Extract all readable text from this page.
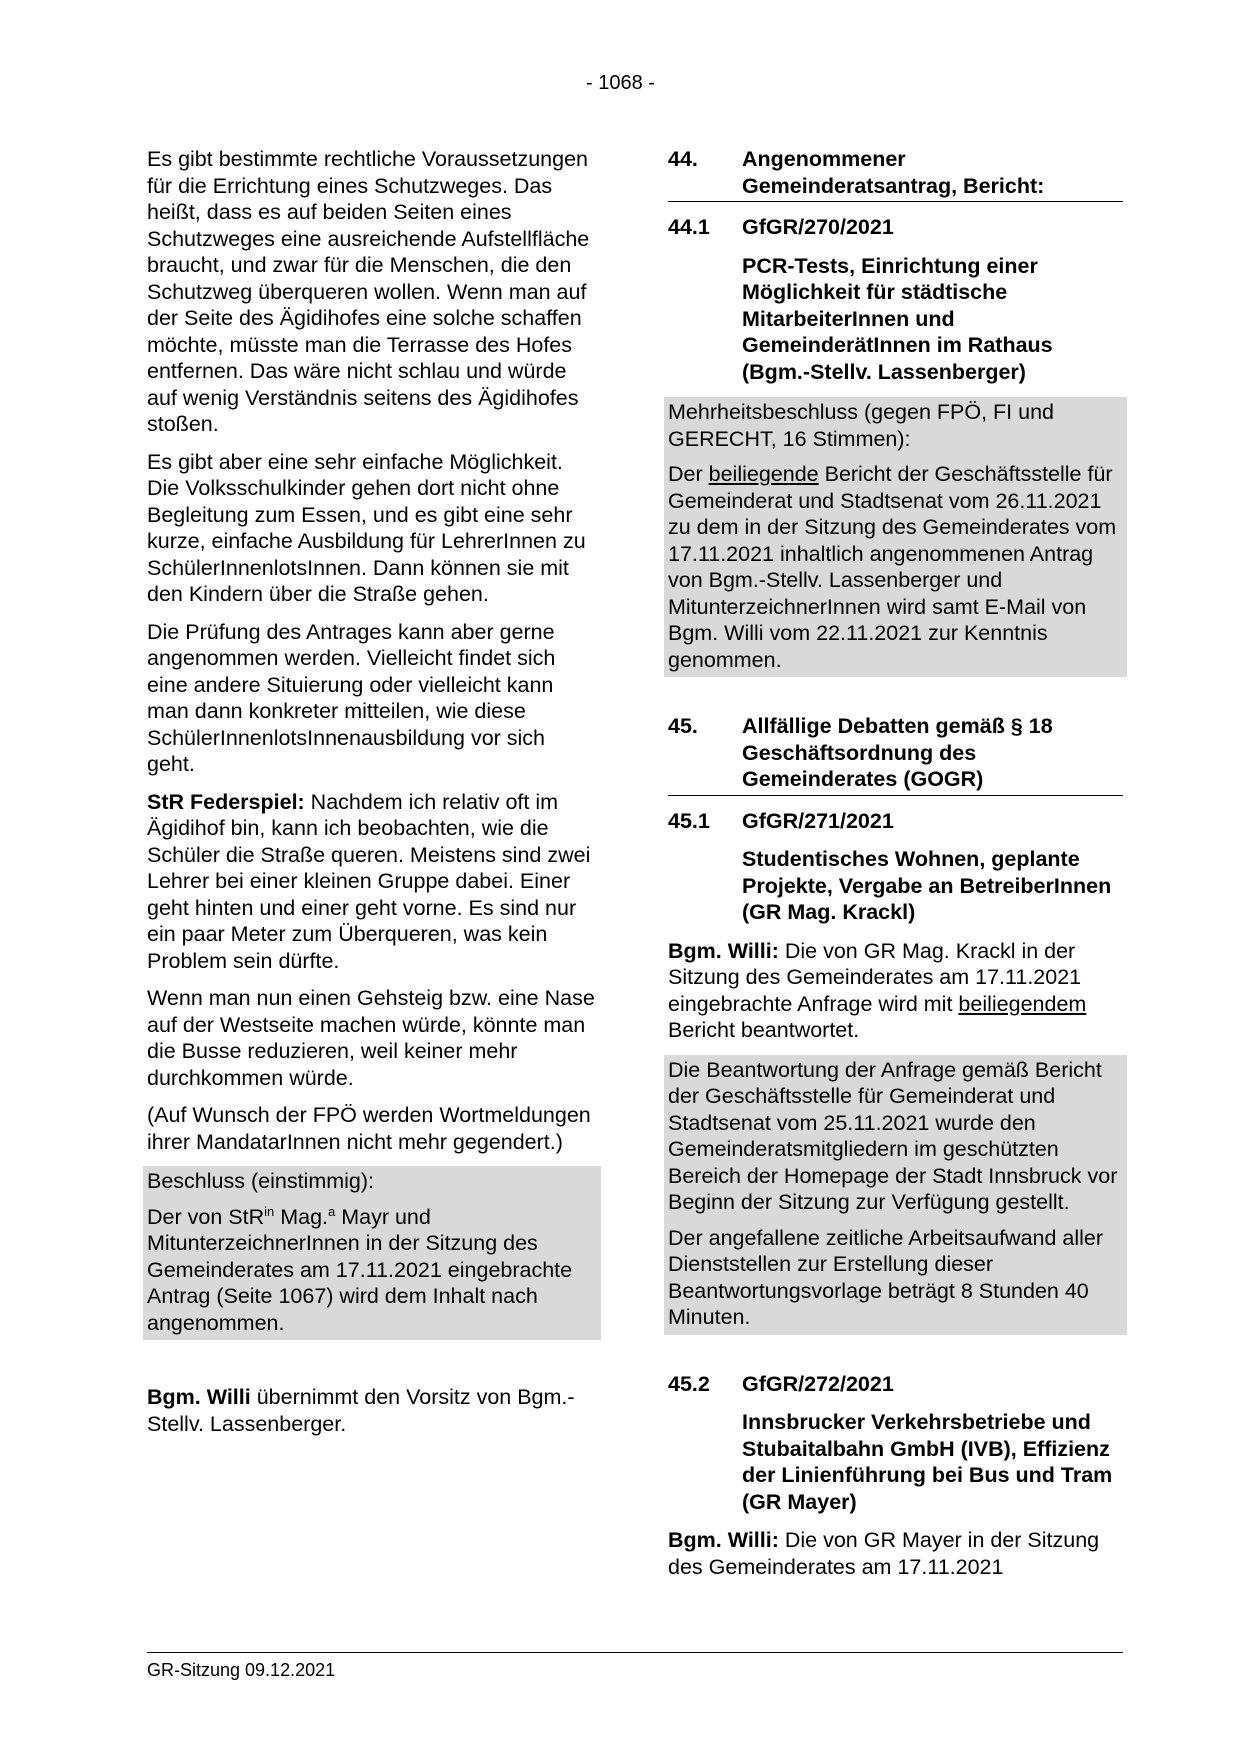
- 1068 -

Es gibt bestimmte rechtliche Voraussetzungen für die Errichtung eines Schutzweges. Das heißt, dass es auf beiden Seiten eines Schutzweges eine ausreichende Aufstellfläche braucht, und zwar für die Menschen, die den Schutzweg überqueren wollen. Wenn man auf der Seite des Ägidihofes eine solche schaffen möchte, müsste man die Terrasse des Hofes entfernen. Das wäre nicht schlau und würde auf wenig Verständnis seitens des Ägidihofes stoßen.

Es gibt aber eine sehr einfache Möglichkeit. Die Volksschulkinder gehen dort nicht ohne Begleitung zum Essen, und es gibt eine sehr kurze, einfache Ausbildung für LehrerInnen zu SchülerInnenlotsInnen. Dann können sie mit den Kindern über die Straße gehen.

Die Prüfung des Antrages kann aber gerne angenommen werden. Vielleicht findet sich eine andere Situierung oder vielleicht kann man dann konkreter mitteilen, wie diese SchülerInnenlotsInnenausbildung vor sich geht.

StR Federspiel: Nachdem ich relativ oft im Ägidihof bin, kann ich beobachten, wie die Schüler die Straße queren. Meistens sind zwei Lehrer bei einer kleinen Gruppe dabei. Einer geht hinten und einer geht vorne. Es sind nur ein paar Meter zum Überqueren, was kein Problem sein dürfte.

Wenn man nun einen Gehsteig bzw. eine Nase auf der Westseite machen würde, könnte man die Busse reduzieren, weil keiner mehr durchkommen würde.

(Auf Wunsch der FPÖ werden Wortmeldungen ihrer MandatarInnen nicht mehr gegendert.)

Beschluss (einstimmig):

Der von StR$^{in}$ Mag.$^a$ Mayr und MitunterzeichnerInnen in der Sitzung des Gemeinderates am 17.11.2021 eingebrachte Antrag (Seite 1067) wird dem Inhalt nach angenommen.

Bgm. Willi übernimmt den Vorsitz von Bgm.-Stellv. Lassenberger.

44.	Angenommener Gemeinderatsantrag, Bericht:
44.1	GfGR/270/2021
PCR-Tests, Einrichtung einer Möglichkeit für städtische MitarbeiterInnen und GemeinderätInnen im Rathaus (Bgm.-Stellv. Lassenberger)

Mehrheitsbeschluss (gegen FPÖ, FI und GERECHT, 16 Stimmen):

Der beiliegende Bericht der Geschäftsstelle für Gemeinderat und Stadtsenat vom 26.11.2021 zu dem in der Sitzung des Gemeinderates vom 17.11.2021 inhaltlich angenommenen Antrag von Bgm.-Stellv. Lassenberger und MitunterzeichnerInnen wird samt E-Mail von Bgm. Willi vom 22.11.2021 zur Kenntnis genommen.

45.	Allfällige Debatten gemäß § 18 Geschäftsordnung des Gemeinderates (GOGR)
45.1	GfGR/271/2021
Studentisches Wohnen, geplante Projekte, Vergabe an BetreiberInnen (GR Mag. Krackl)

Bgm. Willi: Die von GR Mag. Krackl in der Sitzung des Gemeinderates am 17.11.2021 eingebrachte Anfrage wird mit beiliegendem Bericht beantwortet.

Die Beantwortung der Anfrage gemäß Bericht der Geschäftsstelle für Gemeinderat und Stadtsenat vom 25.11.2021 wurde den Gemeinderatsmitgliedern im geschützten Bereich der Homepage der Stadt Innsbruck vor Beginn der Sitzung zur Verfügung gestellt.

Der angefallene zeitliche Arbeitsaufwand aller Dienststellen zur Erstellung dieser Beantwortungsvorlage beträgt 8 Stunden 40 Minuten.

45.2	GfGR/272/2021
Innsbrucker Verkehrsbetriebe und Stubaitalbahn GmbH (IVB), Effizienz der Linienführung bei Bus und Tram (GR Mayer)

Bgm. Willi: Die von GR Mayer in der Sitzung des Gemeinderates am 17.11.2021

GR-Sitzung 09.12.2021
